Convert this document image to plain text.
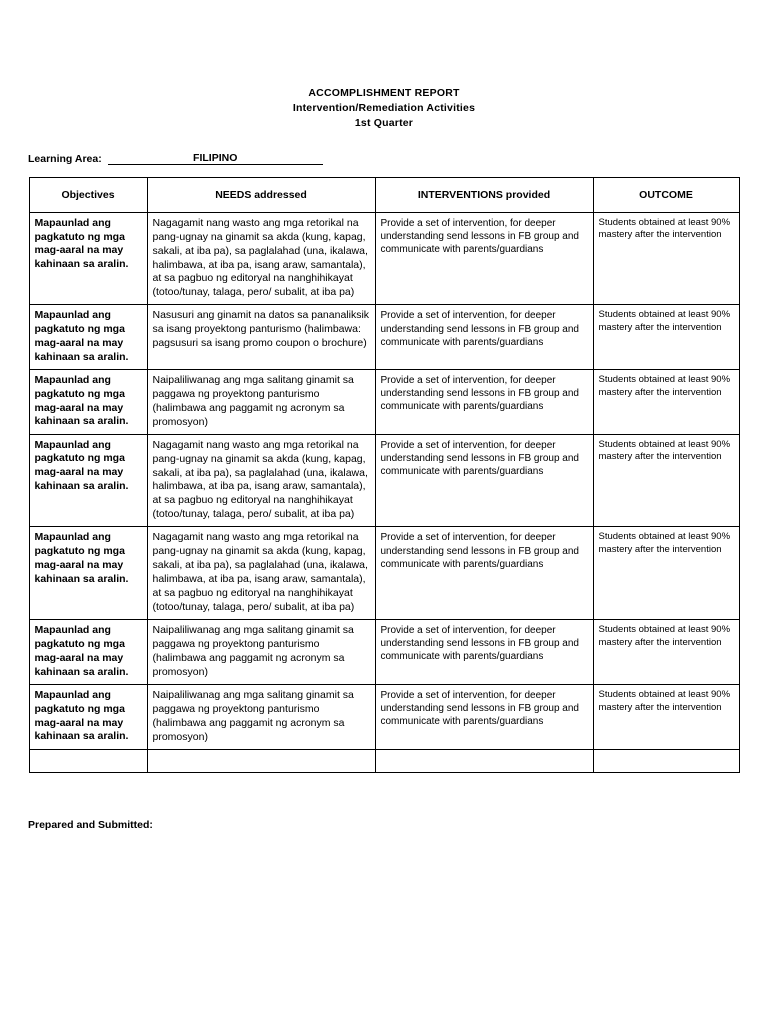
ACCOMPLISHMENT REPORT
Intervention/Remediation Activities
1st Quarter
Learning Area:	FILIPINO
Objectives	NEEDS addressed	INTERVENTIONS provided	OUTCOME
Mapaunlad ang pagkatuto ng mga mag-aaral na may kahinaan sa aralin.	Nagagamit nang wasto ang mga retorikal na pang-ugnay na ginamit sa akda (kung, kapag, sakali, at iba pa), sa paglalahad (una, ikalawa, halimbawa, at iba pa, isang araw, samantala), at sa pagbuo ng editoryal na nanghihikayat (totoo/tunay, talaga, pero/ subalit, at iba pa)	Provide a set of intervention, for deeper understanding send lessons in FB group and communicate with parents/guardians	Students obtained at least 90% mastery after the intervention
Mapaunlad ang pagkatuto ng mga mag-aaral na may kahinaan sa aralin.	Nasusuri ang ginamit na datos sa pananaliksik sa isang proyektong panturismo (halimbawa: pagsusuri sa isang promo coupon o brochure)	Provide a set of intervention, for deeper understanding send lessons in FB group and communicate with parents/guardians	Students obtained at least 90% mastery after the intervention
Mapaunlad ang pagkatuto ng mga mag-aaral na may kahinaan sa aralin.	Naipaliliwanag ang mga salitang ginamit sa paggawa ng proyektong panturismo (halimbawa ang paggamit ng acronym sa promosyon)	Provide a set of intervention, for deeper understanding send lessons in FB group and communicate with parents/guardians	Students obtained at least 90% mastery after the intervention
Mapaunlad ang pagkatuto ng mga mag-aaral na may kahinaan sa aralin.	Nagagamit nang wasto ang mga retorikal na pang-ugnay na ginamit sa akda (kung, kapag, sakali, at iba pa), sa paglalahad (una, ikalawa, halimbawa, at iba pa, isang araw, samantala), at sa pagbuo ng editoryal na nanghihikayat (totoo/tunay, talaga, pero/ subalit, at iba pa)	Provide a set of intervention, for deeper understanding send lessons in FB group and communicate with parents/guardians	Students obtained at least 90% mastery after the intervention
Mapaunlad ang pagkatuto ng mga mag-aaral na may kahinaan sa aralin.	Nagagamit nang wasto ang mga retorikal na pang-ugnay na ginamit sa akda (kung, kapag, sakali, at iba pa), sa paglalahad (una, ikalawa, halimbawa, at iba pa, isang araw, samantala), at sa pagbuo ng editoryal na nanghihikayat (totoo/tunay, talaga, pero/ subalit, at iba pa)	Provide a set of intervention, for deeper understanding send lessons in FB group and communicate with parents/guardians	Students obtained at least 90% mastery after the intervention
Mapaunlad ang pagkatuto ng mga mag-aaral na may kahinaan sa aralin.	Naipaliliwanag ang mga salitang ginamit sa paggawa ng proyektong panturismo (halimbawa ang paggamit ng acronym sa promosyon)	Provide a set of intervention, for deeper understanding send lessons in FB group and communicate with parents/guardians	Students obtained at least 90% mastery after the intervention
Mapaunlad ang pagkatuto ng mga mag-aaral na may kahinaan sa aralin.	Naipaliliwanag ang mga salitang ginamit sa paggawa ng proyektong panturismo (halimbawa ang paggamit ng acronym sa promosyon)	Provide a set of intervention, for deeper understanding send lessons in FB group and communicate with parents/guardians	Students obtained at least 90% mastery after the intervention

Prepared and Submitted:
